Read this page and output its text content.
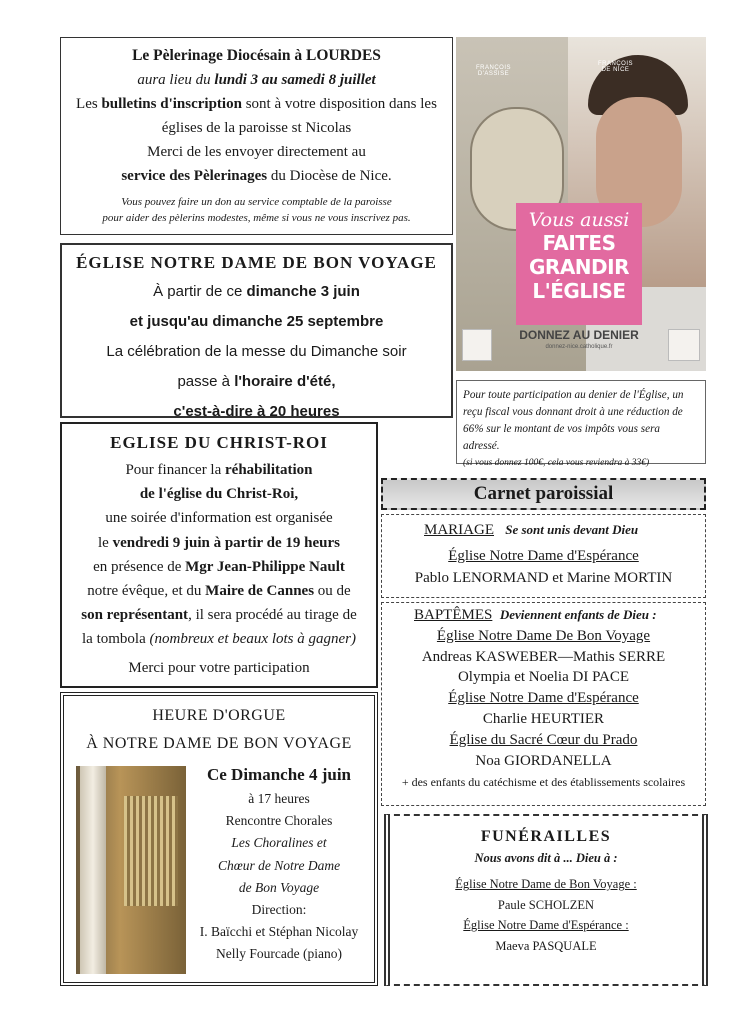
Le Pèlerinage Diocésain à LOURDES

aura lieu du lundi 3 au samedi 8 juillet

Les bulletins d'inscription sont à votre disposition dans les

églises de la paroisse st Nicolas

Merci de les envoyer directement au

service des Pèlerinages du Diocèse de Nice.

Vous pouvez faire un don au service comptable de la paroisse

pour aider des pèlerins modestes, même si vous ne vous inscrivez pas.

ÉGLISE NOTRE DAME DE BON VOYAGE

À partir de ce dimanche 3 juin

et jusqu'au dimanche 25 septembre

La célébration de la messe du Dimanche soir

passe à l'horaire d'été,

c'est-à-dire à 20 heures

FRANÇOIS
D'ASSISE
FRANÇOIS
DE NICE
Vous aussi
FAITES
GRANDIR
L'ÉGLISE
DONNEZ AU DENIER
donnez-nice.catholique.fr

Pour toute participation au denier de l'Église, un reçu fiscal vous donnant droit à une réduction de 66% sur le montant de vos impôts vous sera adressé.

(si vous donnez 100€, cela vous reviendra à 33€)

EGLISE DU CHRIST-ROI

Pour financer la réhabilitation

de l'église du Christ-Roi,

une soirée d'information est organisée

le vendredi 9 juin à partir de 19 heurs

en présence de Mgr Jean-Philippe Nault

notre évêque, et du Maire de Cannes ou de

son représentant, il sera procédé au tirage de

la tombola (nombreux et beaux lots à gagner)

Merci pour votre participation

HEURE D'ORGUE

À NOTRE DAME DE BON VOYAGE

Ce Dimanche 4 juin

à 17 heures

Rencontre Chorales

Les Choralines et

Chœur de Notre Dame

de Bon Voyage

Direction:

I. Baïcchi et Stéphan Nicolay

Nelly Fourcade (piano)

Carnet paroissial

MARIAGE Se sont unis devant Dieu

Église Notre Dame d'Espérance

Pablo LENORMAND et Marine MORTIN

BAPTÊMES Deviennent enfants de Dieu :

Église Notre Dame De Bon Voyage

Andreas KASWEBER—Mathis SERRE

Olympia et Noelia DI PACE

Église Notre Dame d'Espérance

Charlie HEURTIER

Église du Sacré Cœur du Prado

Noa GIORDANELLA

+ des enfants du catéchisme et des établissements scolaires

FUNÉRAILLES

Nous avons dit à ... Dieu à :

Église Notre Dame de Bon Voyage :

Paule SCHOLZEN

Église Notre Dame d'Espérance :

Maeva PASQUALE
